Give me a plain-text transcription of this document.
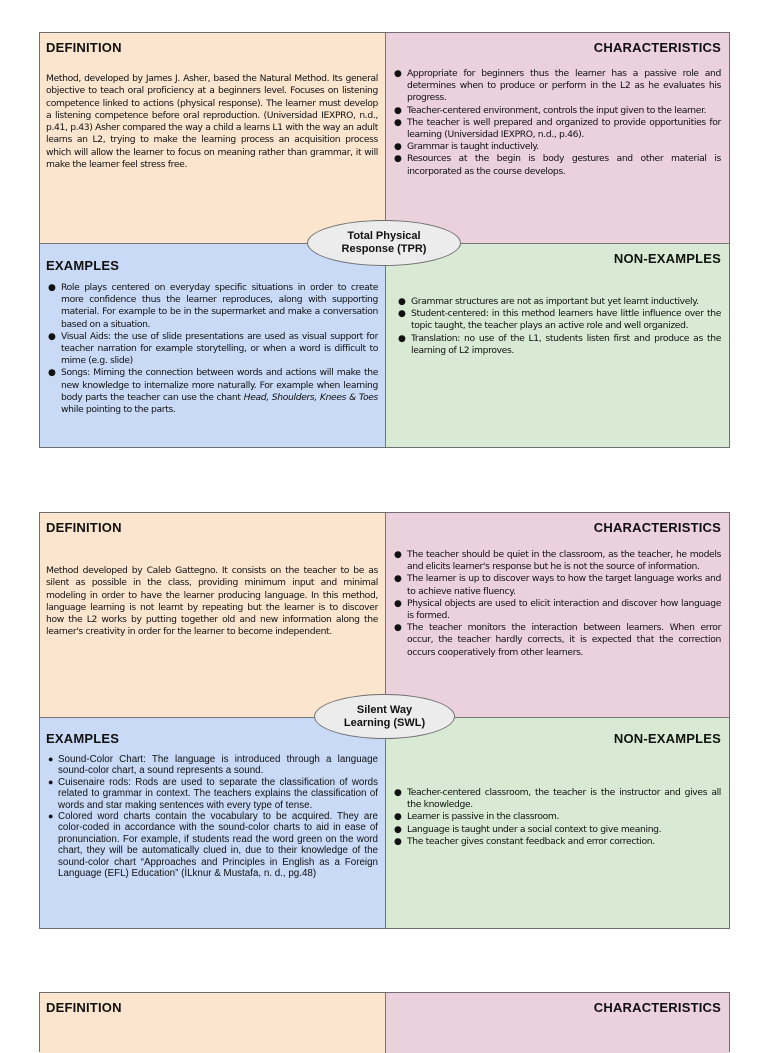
DEFINITION
Method, developed by James J. Asher, based the Natural Method. Its general objective to teach oral proficiency at a beginners level. Focuses on listening competence linked to actions (physical response). The learner must develop a listening competence before oral reproduction. (Universidad IEXPRO, n.d., p.41, p.43) Asher compared the way a child a learns L1 with the way an adult learns an L2, trying to make the learning process an acquisition process which will allow the learner to focus on meaning rather than grammar, it will make the learner feel stress free.
CHARACTERISTICS
● Appropriate for beginners thus the learner has a passive role and determines when to produce or perform in the L2 as he evaluates his progress.
● Teacher-centered environment, controls the input given to the learner.
● The teacher is well prepared and organized to provide opportunities for learning (Universidad IEXPRO, n.d., p.46).
● Grammar is taught inductively.
● Resources at the begin is body gestures and other material is incorporated as the course develops.
EXAMPLES
● Role plays centered on everyday specific situations in order to create more confidence thus the learner reproduces, along with supporting material. For example to be in the supermarket and make a conversation based on a situation.
● Visual Aids: the use of slide presentations are used as visual support for teacher narration for example storytelling, or when a word is difficult to mime (e.g. slide)
● Songs: Miming the connection between words and actions will make the new knowledge to internalize more naturally. For example when learning body parts the teacher can use the chant Head, Shoulders, Knees & Toes while pointing to the parts.
NON-EXAMPLES
● Grammar structures are not as important but yet learnt inductively.
● Student-centered: in this method learners have little influence over the topic taught, the teacher plays an active role and well organized.
● Translation: no use of the L1, students listen first and produce as the learning of L2 improves.
Total Physical
Response (TPR)
DEFINITION
Method developed by Caleb Gattegno. It consists on the teacher to be as silent as possible in the class, providing minimum input and minimal modeling in order to have the learner producing language. In this method, language learning is not learnt by repeating but the learner is to discover how the L2 works by putting together old and new information along the learner's creativity in order for the learner to become independent.
CHARACTERISTICS
● The teacher should be quiet in the classroom, as the teacher, he models and elicits learner's response but he is not the source of information.
● The learner is up to discover ways to how the target language works and to achieve native fluency.
● Physical objects are used to elicit interaction and discover how language is formed.
● The teacher monitors the interaction between learners. When error occur, the teacher hardly corrects, it is expected that the correction occurs cooperatively from other learners.
EXAMPLES
● Sound-Color Chart: The language is introduced through a language sound-color chart, a sound represents a sound.
● Cuisenaire rods: Rods are used to separate the classification of words related to grammar in context. The teachers explains the classification of words and star making sentences with every type of tense.
● Colored word charts contain the vocabulary to be acquired. They are color-coded in accordance with the sound-color charts to aid in ease of pronunciation. For example, if students read the word green on the word chart, they will be automatically clued in, due to their knowledge of the sound-color chart “Approaches and Principles in English as a Foreign Language (EFL) Education” (İLknur & Mustafa, n. d., pg.48)
NON-EXAMPLES
● Teacher-centered classroom, the teacher is the instructor and gives all the knowledge.
● Learner is passive in the classroom.
● Language is taught under a social context to give meaning.
● The teacher gives constant feedback and error correction.
Silent Way
Learning (SWL)
DEFINITION	CHARACTERISTICS
